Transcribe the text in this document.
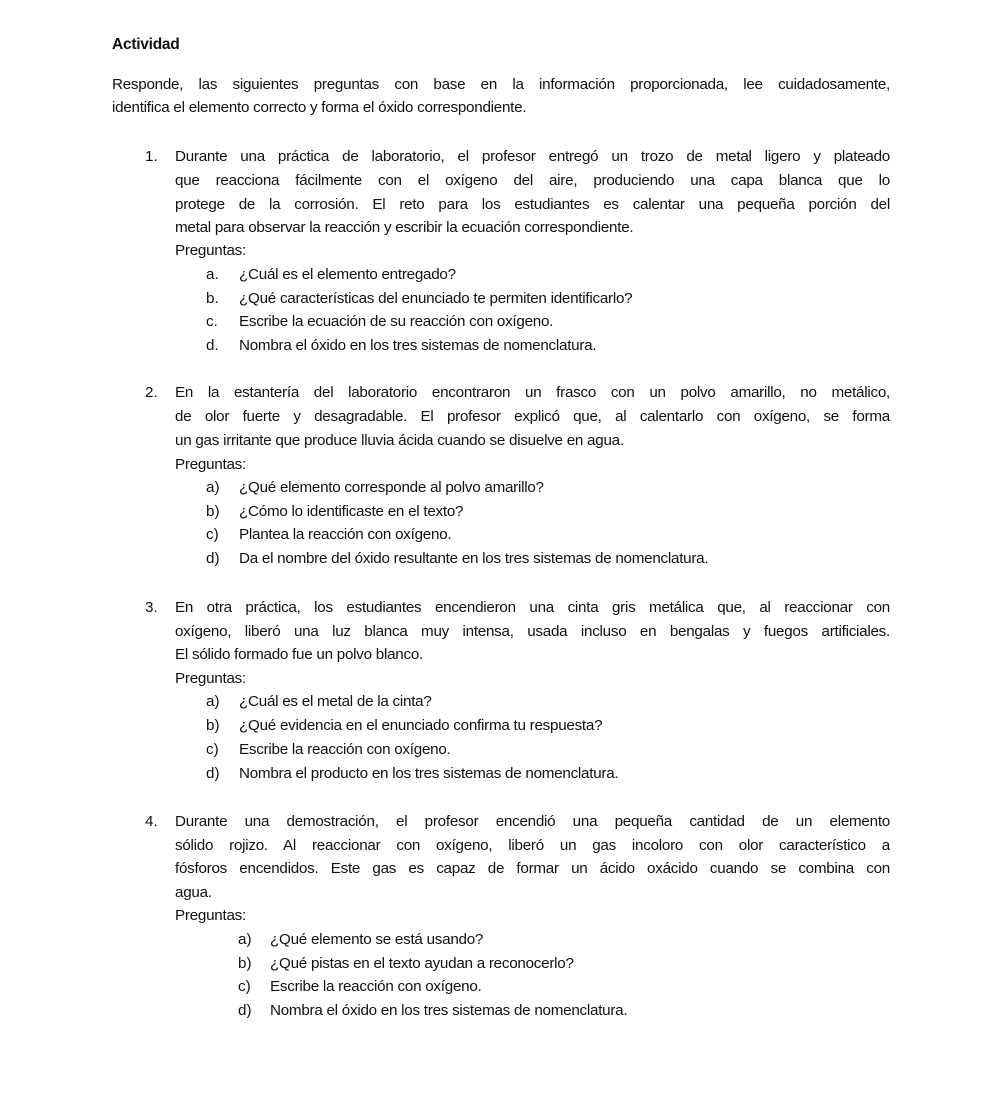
Actividad
Responde, las siguientes preguntas con base en la información proporcionada, lee cuidadosamente,
identifica el elemento correcto y forma el óxido correspondiente.
1. Durante una práctica de laboratorio, el profesor entregó un trozo de metal ligero y plateado
que reacciona fácilmente con el oxígeno del aire, produciendo una capa blanca que lo
protege de la corrosión. El reto para los estudiantes es calentar una pequeña porción del
metal para observar la reacción y escribir la ecuación correspondiente.
Preguntas:
a. ¿Cuál es el elemento entregado?
b. ¿Qué características del enunciado te permiten identificarlo?
c. Escribe la ecuación de su reacción con oxígeno.
d. Nombra el óxido en los tres sistemas de nomenclatura.
2. En la estantería del laboratorio encontraron un frasco con un polvo amarillo, no metálico,
de olor fuerte y desagradable. El profesor explicó que, al calentarlo con oxígeno, se forma
un gas irritante que produce lluvia ácida cuando se disuelve en agua.
Preguntas:
a) ¿Qué elemento corresponde al polvo amarillo?
b) ¿Cómo lo identificaste en el texto?
c) Plantea la reacción con oxígeno.
d) Da el nombre del óxido resultante en los tres sistemas de nomenclatura.
3. En otra práctica, los estudiantes encendieron una cinta gris metálica que, al reaccionar con
oxígeno, liberó una luz blanca muy intensa, usada incluso en bengalas y fuegos artificiales.
El sólido formado fue un polvo blanco.
Preguntas:
a) ¿Cuál es el metal de la cinta?
b) ¿Qué evidencia en el enunciado confirma tu respuesta?
c) Escribe la reacción con oxígeno.
d) Nombra el producto en los tres sistemas de nomenclatura.
4. Durante una demostración, el profesor encendió una pequeña cantidad de un elemento
sólido rojizo. Al reaccionar con oxígeno, liberó un gas incoloro con olor característico a
fósforos encendidos. Este gas es capaz de formar un ácido oxácido cuando se combina con
agua.
Preguntas:
a) ¿Qué elemento se está usando?
b) ¿Qué pistas en el texto ayudan a reconocerlo?
c) Escribe la reacción con oxígeno.
d) Nombra el óxido en los tres sistemas de nomenclatura.
